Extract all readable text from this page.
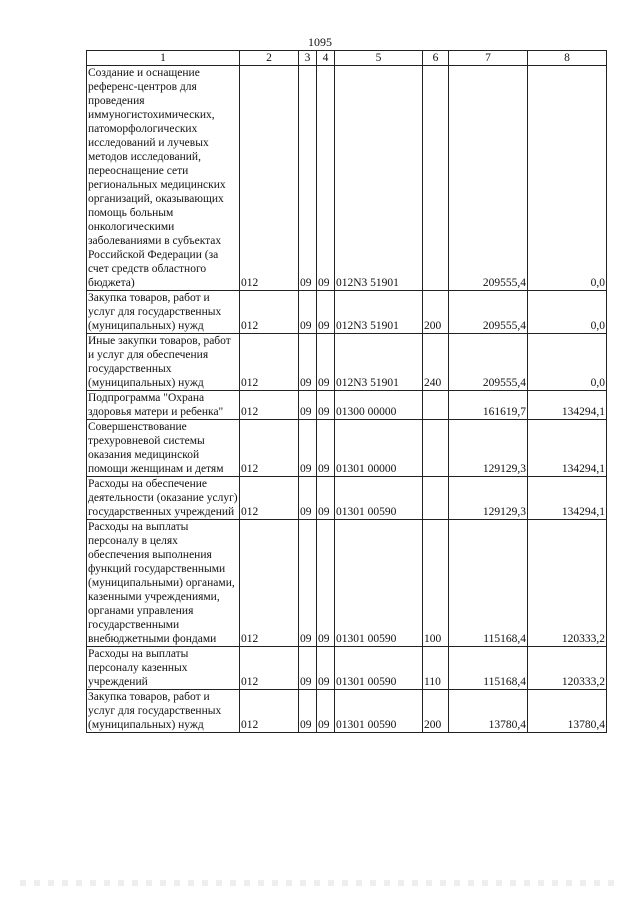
1095
1	2	3	4	5	6	7	8
Создание и оснащение референс-центров для проведения иммуногистохимических, патоморфологических исследований и лучевых методов исследований, переоснащение сети региональных медицинских организаций, оказывающих помощь больным онкологическими заболеваниями в субъектах Российской Федерации (за счет средств областного бюджета)	012	09	09	012N3 51901		209555,4	0,0
Закупка товаров, работ и услуг для государственных (муниципальных) нужд	012	09	09	012N3 51901	200	209555,4	0,0
Иные закупки товаров, работ и услуг для обеспечения государственных (муниципальных) нужд	012	09	09	012N3 51901	240	209555,4	0,0
Подпрограмма "Охрана здоровья матери и ребенка"	012	09	09	01300 00000		161619,7	134294,1
Совершенствование трехуровневой системы оказания медицинской помощи женщинам и детям	012	09	09	01301 00000		129129,3	134294,1
Расходы на обеспечение деятельности (оказание услуг) государственных учреждений	012	09	09	01301 00590		129129,3	134294,1
Расходы на выплаты персоналу в целях обеспечения выполнения функций государственными (муниципальными) органами, казенными учреждениями, органами управления государственными внебюджетными фондами	012	09	09	01301 00590	100	115168,4	120333,2
Расходы на выплаты персоналу казенных учреждений	012	09	09	01301 00590	110	115168,4	120333,2
Закупка товаров, работ и услуг для государственных (муниципальных) нужд	012	09	09	01301 00590	200	13780,4	13780,4
